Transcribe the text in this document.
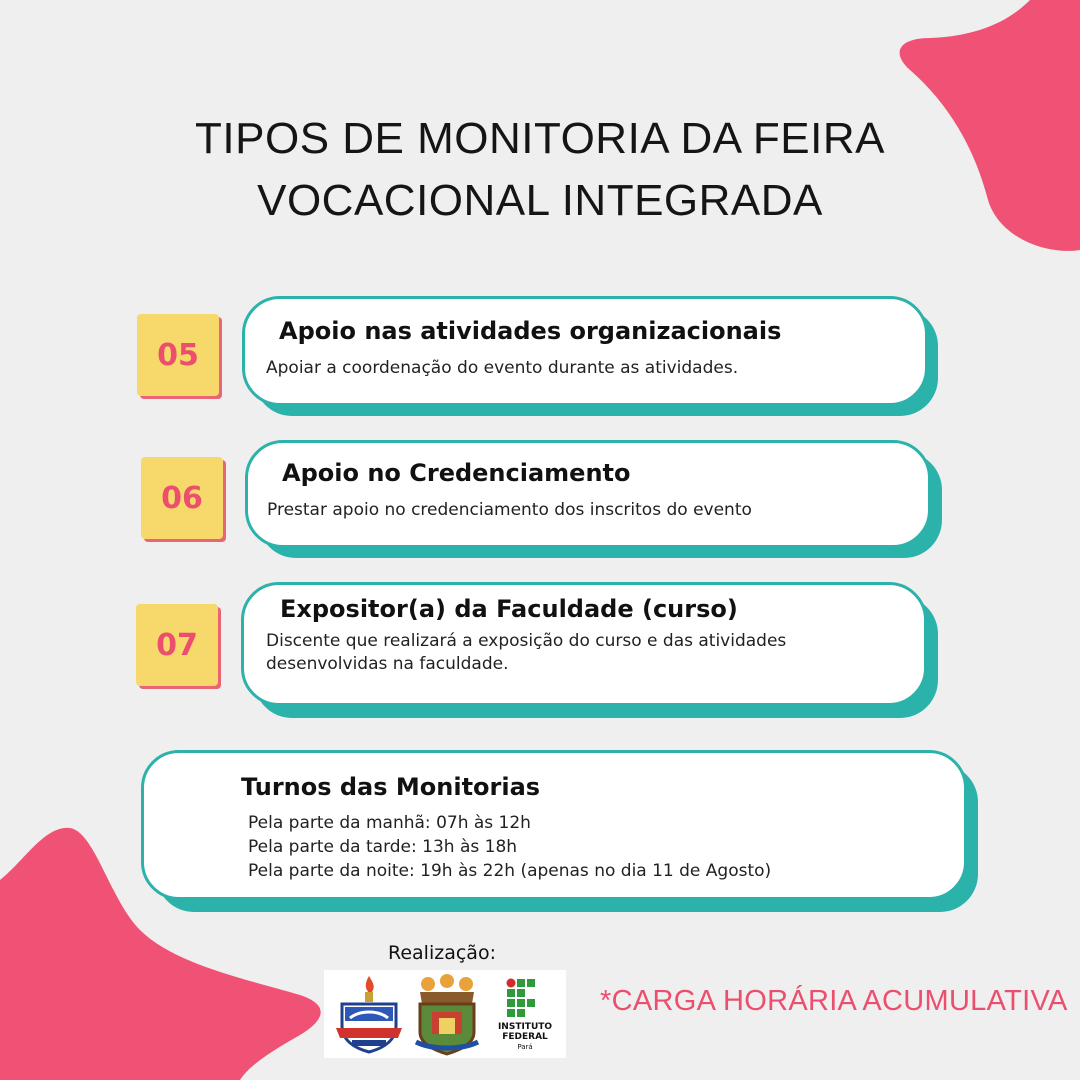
TIPOS DE MONITORIA DA FEIRA
VOCACIONAL INTEGRADA
Apoio nas atividades organizacionais

Apoiar a coordenação do evento durante as atividades.

05
Apoio no Credenciamento

Prestar apoio no credenciamento dos inscritos do evento

06
Expositor(a) da Faculdade (curso)

Discente que realizará a exposição do curso e das atividades
desenvolvidas na faculdade.

07
Turnos das Monitorias
Pela parte da manhã: 07h às 12h
Pela parte da tarde: 13h às 18h
Pela parte da noite: 19h às 22h (apenas no dia 11 de Agosto)
Realização:
INSTITUTO
FEDERAL
Pará
*CARGA HORÁRIA ACUMULATIVA
